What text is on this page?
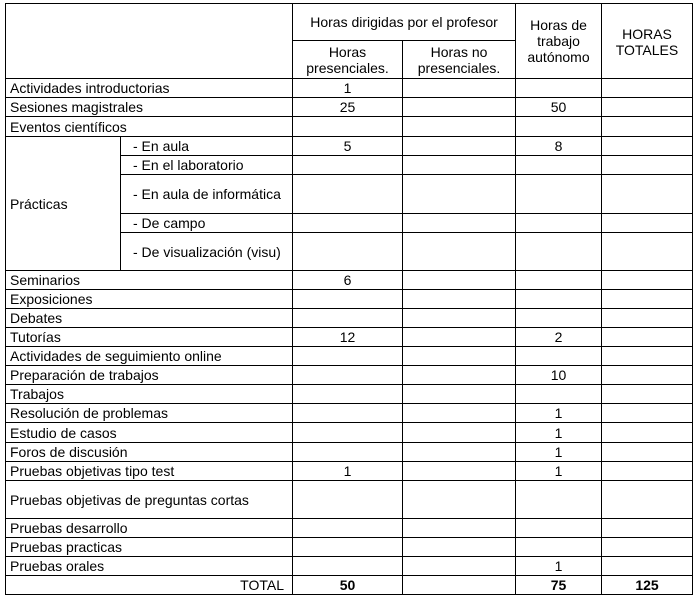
		Horas dirigidas por el profesor		Horas de trabajo autónomo	HORAS TOTALES
		Horas presenciales.	Horas no presenciales.		
Actividades introductorias		1			
Sesiones magistrales		25		50	
Eventos científicos					
Prácticas	- En aula	5		8	
	- En el laboratorio				
	- En aula de informática				
	- De campo				
	- De visualización (visu)				
Seminarios		6			
Exposiciones					
Debates					
Tutorías		12		2	
Actividades de seguimiento online					
Preparación de trabajos				10	
Trabajos					
Resolución de problemas				1	
Estudio de casos				1	
Foros de discusión				1	
Pruebas objetivas tipo test		1		1	
Pruebas objetivas de preguntas cortas					
Pruebas desarrollo					
Pruebas practicas					
Pruebas orales				1	
TOTAL		50		75	125
